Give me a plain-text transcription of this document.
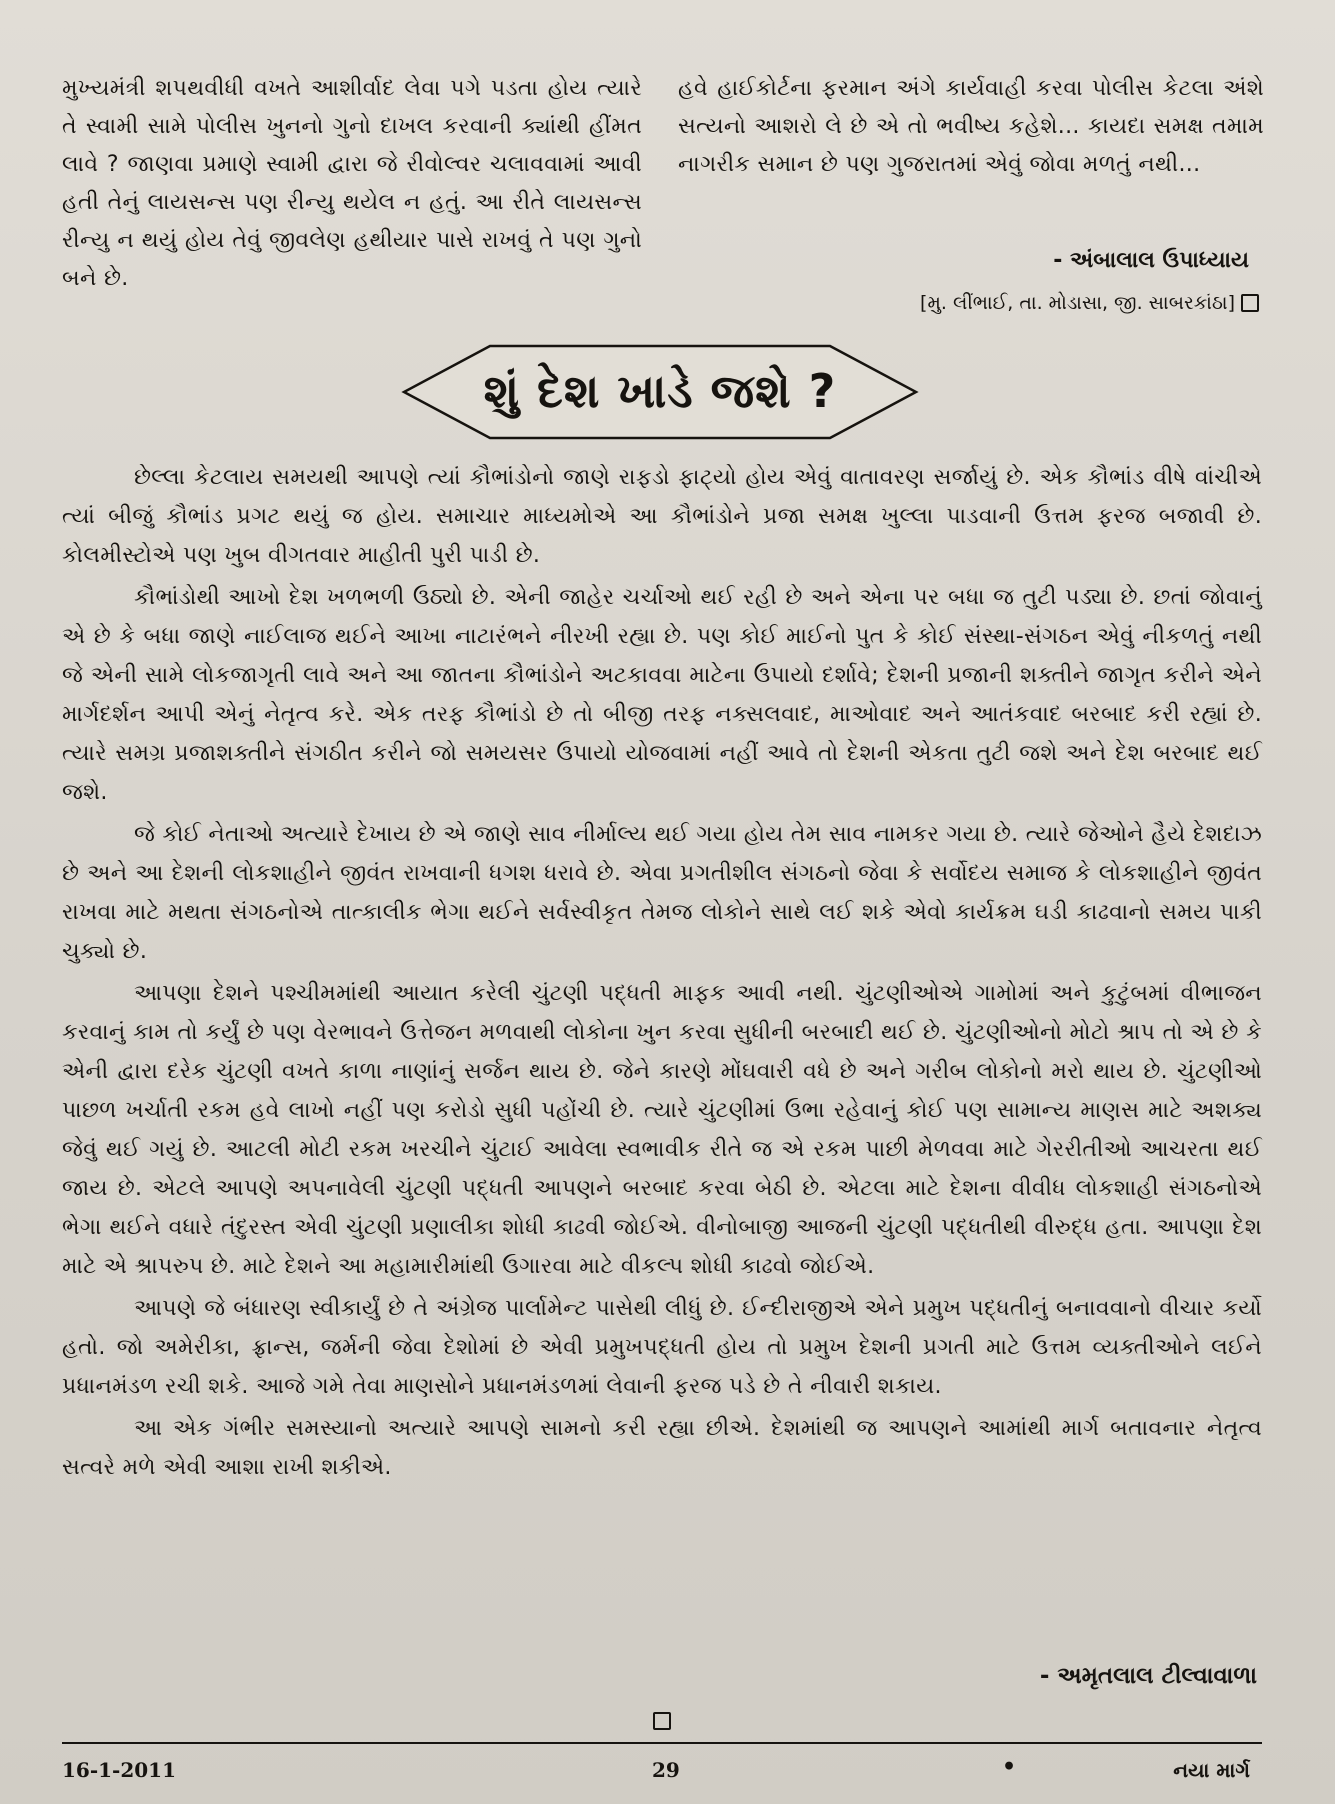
મુખ્યમંત્રી શપથવીધી વખતે આશીર્વાદ લેવા પગે પડતા હોય ત્યારે તે સ્વામી સામે પોલીસ ખુનનો ગુનો દાખલ કરવાની ક્યાંથી હીંમત લાવે ? જાણવા પ્રમાણે સ્વામી દ્વારા જે રીવોલ્વર ચલાવવામાં આવી હતી તેનું લાયસન્સ પણ રીન્યુ થયેલ ન હતું. આ રીતે લાયસન્સ રીન્યુ ન થયું હોય તેવું જીવલેણ હથીયાર પાસે રાખવું તે પણ ગુનો બને છે.

હવે હાઈકોર્ટના ફરમાન અંગે કાર્યવાહી કરવા પોલીસ કેટલા અંશે સત્યનો આશરો લે છે એ તો ભવીષ્ય કહેશે... કાયદા સમક્ષ તમામ નાગરીક સમાન છે પણ ગુજરાતમાં એવું જોવા મળતું નથી...

- અંબાલાલ ઉપાધ્યાય
[મુ. લીંભાઈ, તા. મોડાસા, જી. સાબરકાંઠા]
શું દેશ ખાડે જશે ?

છેલ્લા કેટલાય સમયથી આપણે ત્યાં કૌભાંડોનો જાણે રાફડો ફાટ્યો હોય એવું વાતાવરણ સર્જાયું છે. એક કૌભાંડ વીષે વાંચીએ ત્યાં બીજું કૌભાંડ પ્રગટ થયું જ હોય. સમાચાર માધ્યમોએ આ કૌભાંડોને પ્રજા સમક્ષ ખુલ્લા પાડવાની ઉત્તમ ફરજ બજાવી છે. કોલમીસ્ટોએ પણ ખુબ વીગતવાર માહીતી પુરી પાડી છે.

કૌભાંડોથી આખો દેશ ખળભળી ઉઠ્યો છે. એની જાહેર ચર્ચાઓ થઈ રહી છે અને એના પર બધા જ તુટી પડ્યા છે. છતાં જોવાનું એ છે કે બધા જાણે નાઈલાજ થઈને આખા નાટારંભને નીરખી રહ્યા છે. પણ કોઈ માઈનો પુત કે કોઈ સંસ્થા-સંગઠન એવું નીકળતું નથી જે એની સામે લોકજાગૃતી લાવે અને આ જાતના કૌભાંડોને અટકાવવા માટેના ઉપાયો દર્શાવે; દેશની પ્રજાની શક્તીને જાગૃત કરીને એને માર્ગદર્શન આપી એનું નેતૃત્વ કરે. એક તરફ કૌભાંડો છે તો બીજી તરફ નક્સલવાદ, માઓવાદ અને આતંકવાદ બરબાદ કરી રહ્યાં છે. ત્યારે સમગ્ર પ્રજાશક્તીને સંગઠીત કરીને જો સમયસર ઉપાયો યોજવામાં નહીં આવે તો દેશની એકતા તુટી જશે અને દેશ બરબાદ થઈ જશે.

જે કોઈ નેતાઓ અત્યારે દેખાય છે એ જાણે સાવ નીર્માલ્ય થઈ ગયા હોય તેમ સાવ નામકર ગયા છે. ત્યારે જેઓને હૈયે દેશદાઝ છે અને આ દેશની લોકશાહીને જીવંત રાખવાની ધગશ ધરાવે છે. એવા પ્રગતીશીલ સંગઠનો જેવા કે સર્વોદય સમાજ કે લોકશાહીને જીવંત રાખવા માટે મથતા સંગઠનોએ તાત્કાલીક ભેગા થઈને સર્વસ્વીકૃત તેમજ લોકોને સાથે લઈ શકે એવો કાર્યક્રમ ઘડી કાઢવાનો સમય પાકી ચુક્યો છે.

આપણા દેશને પશ્ચીમમાંથી આયાત કરેલી ચુંટણી પદ્ધતી માફક આવી નથી. ચુંટણીઓએ ગામોમાં અને કુટુંબમાં વીભાજન કરવાનું કામ તો કર્યું છે પણ વેરભાવને ઉત્તેજન મળવાથી લોકોના ખુન કરવા સુધીની બરબાદી થઈ છે. ચુંટણીઓનો મોટો શ્રાપ તો એ છે કે એની દ્વારા દરેક ચુંટણી વખતે કાળા નાણાંનું સર્જન થાય છે. જેને કારણે મોંઘવારી વધે છે અને ગરીબ લોકોનો મરો થાય છે. ચુંટણીઓ પાછળ ખર્ચાતી રકમ હવે લાખો નહીં પણ કરોડો સુધી પહોંચી છે. ત્યારે ચુંટણીમાં ઉભા રહેવાનું કોઈ પણ સામાન્ય માણસ માટે અશક્ય જેવું થઈ ગયું છે. આટલી મોટી રકમ ખરચીને ચુંટાઈ આવેલા સ્વભાવીક રીતે જ એ રકમ પાછી મેળવવા માટે ગેરરીતીઓ આચરતા થઈ જાય છે. એટલે આપણે અપનાવેલી ચુંટણી પદ્ધતી આપણને બરબાદ કરવા બેઠી છે. એટલા માટે દેશના વીવીધ લોકશાહી સંગઠનોએ ભેગા થઈને વધારે તંદુરસ્ત એવી ચુંટણી પ્રણાલીકા શોધી કાઢવી જોઈએ. વીનોબાજી આજની ચુંટણી પદ્ધતીથી વીરુદ્ધ હતા. આપણા દેશ માટે એ શ્રાપરુપ છે. માટે દેશને આ મહામારીમાંથી ઉગારવા માટે વીકલ્પ શોધી કાઢવો જોઈએ.

આપણે જે બંધારણ સ્વીકાર્યું છે તે અંગ્રેજ પાર્લામેન્ટ પાસેથી લીધું છે. ઈન્દીરાજીએ એને પ્રમુખ પદ્ધતીનું બનાવવાનો વીચાર કર્યો હતો. જો અમેરીકા, ફ્રાન્સ, જર્મની જેવા દેશોમાં છે એવી પ્રમુખપદ્ધતી હોય તો પ્રમુખ દેશની પ્રગતી માટે ઉત્તમ વ્યક્તીઓને લઈને પ્રધાનમંડળ રચી શકે. આજે ગમે તેવા માણસોને પ્રધાનમંડળમાં લેવાની ફરજ પડે છે તે નીવારી શકાય.

આ એક ગંભીર સમસ્યાનો અત્યારે આપણે સામનો કરી રહ્યા છીએ. દેશમાંથી જ આપણને આમાંથી માર્ગ બતાવનાર નેતૃત્વ સત્વરે મળે એવી આશા રાખી શકીએ.

- અમૃતલાલ ટીલ્વાવાળા
16-1-2011	29	•	નયા માર્ગ
